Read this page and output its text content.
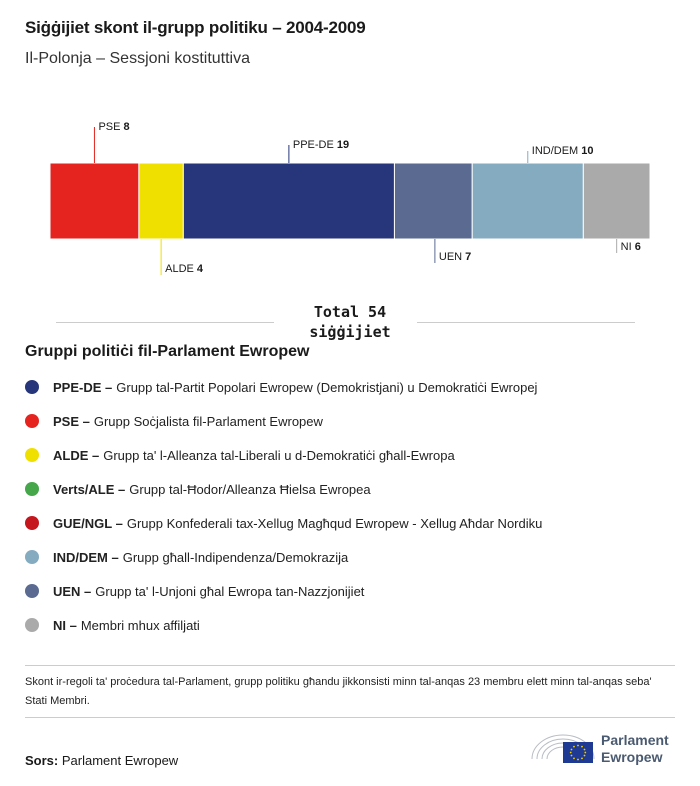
Siġġijiet skont il-grupp politiku – 2004-2009
Il-Polonja – Sessjoni kostituttiva
PSE 8
ALDE 4
PPE-DE 19
UEN 7
IND/DEM 10
NI 6
Total 54 siġġijiet
Gruppi politiċi fil-Parlament Ewropew
PPE-DE – Grupp tal-Partit Popolari Ewropew (Demokristjani) u Demokratiċi Ewropej
PSE – Grupp Soċjalista fil-Parlament Ewropew
ALDE – Grupp ta' l-Alleanza tal-Liberali u d-Demokratiċi għall-Ewropa
Verts/ALE – Grupp tal-Ħodor/Alleanza Ħielsa Ewropea
GUE/NGL – Grupp Konfederali tax-Xellug Magħqud Ewropew - Xellug Aħdar Nordiku
IND/DEM – Grupp għall-Indipendenza/Demokrazija
UEN – Grupp ta' l-Unjoni għal Ewropa tan-Nazzjonijiet
NI – Membri mhux affiljati
Skont ir-regoli ta' proċedura tal-Parlament, grupp politiku għandu jikkonsisti minn tal-anqas 23 membru elett minn tal-anqas seba' Stati Membri.
Sors: Parlament Ewropew
Parlament
Ewropew
